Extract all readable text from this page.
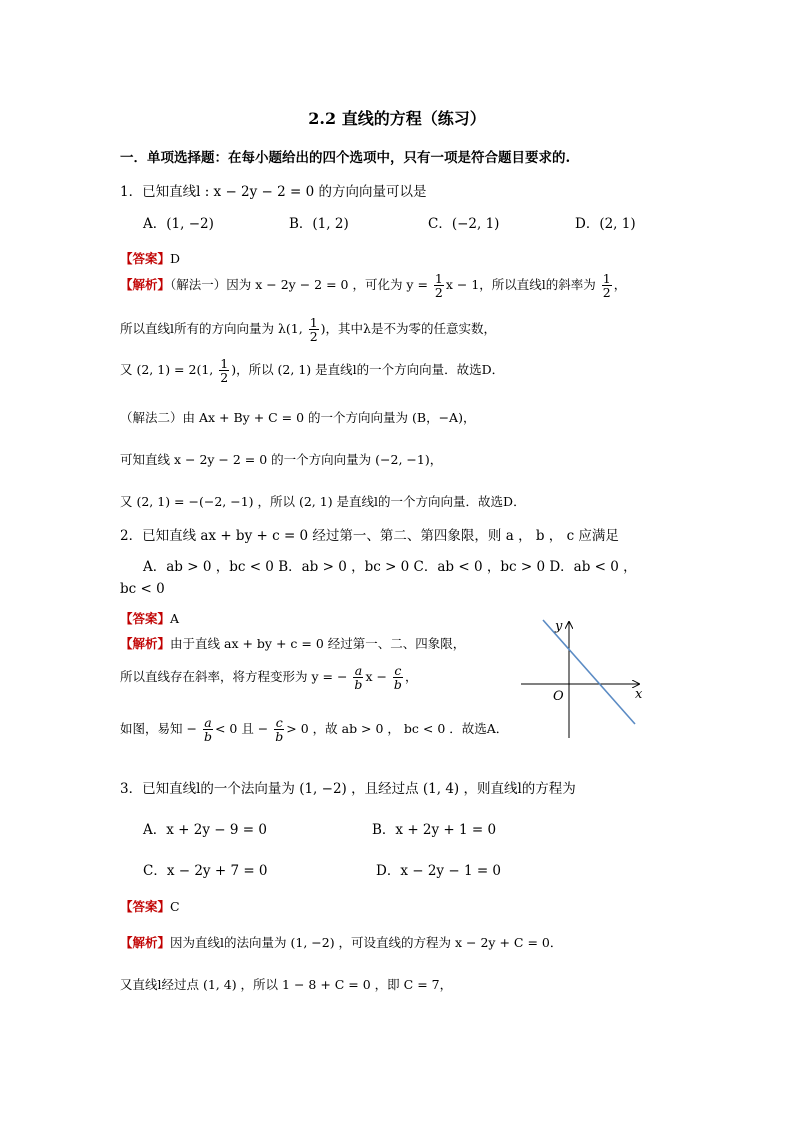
2.2 直线的方程（练习）
一．单项选择题：在每小题给出的四个选项中，只有一项是符合题目要求的.
1．已知直线l : x − 2y − 2 = 0 的方向向量可以是
A．(1, −2)	B．(1, 2)	C．(−2, 1)	D．(2, 1)
【答案】D
【解析】（解法一）因为 x − 2y − 2 = 0 ，可化为 $y = \frac{1}{2}$ x − 1，所以直线l的斜率为 $\frac{1}{2}$ ，
所以直线l所有的方向向量为 λ(1, $\frac{1}{2}$ )，其中λ是不为零的任意实数，
又 (2, 1) = 2(1, $\frac{1}{2}$ )，所以 (2, 1) 是直线l的一个方向向量．故选D．
（解法二）由 Ax + By + C = 0 的一个方向向量为 (B，−A)，
可知直线 x − 2y − 2 = 0 的一个方向向量为 (−2, −1)，
又 (2, 1) = −(−2, −1) ，所以 (2, 1) 是直线l的一个方向向量．故选D．
2．已知直线 ax + by + c = 0 经过第一、第二、第四象限，则 a ， b ， c 应满足
A．ab > 0 ，bc < 0 B．ab > 0 ，bc > 0 C．ab < 0 ，bc > 0 D．ab < 0 ，
bc < 0
【答案】A
【解析】由于直线 ax + by + c = 0 经过第一、二、四象限，
所以直线存在斜率，将方程变形为 y = − $\frac{a}{b}$ $x - \frac{c}{b}$ ，
如图，易知 − $\frac{a}{b} < 0$ 且 − $\frac{c}{b} > 0$ ，故 ab > 0 ， bc < 0 ．故选A．
x
y
O
3．已知直线l的一个法向量为 (1, −2) ，且经过点 (1, 4) ，则直线l的方程为
A．x + 2y − 9 = 0	B．x + 2y + 1 = 0
C．x − 2y + 7 = 0	D．x − 2y − 1 = 0
【答案】C
【解析】因为直线l的法向量为 (1, −2) ，可设直线的方程为 x − 2y + C = 0．
又直线l经过点 (1, 4) ，所以 1 − 8 + C = 0 ，即 C = 7，
